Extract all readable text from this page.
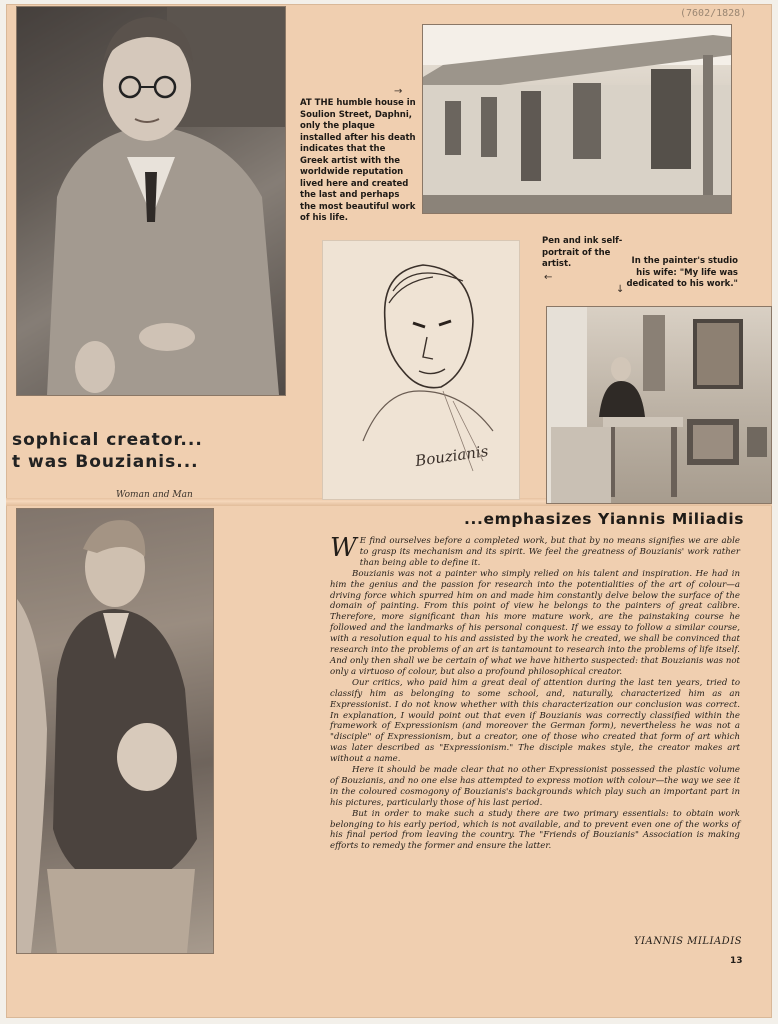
(7602/1828)

AT THE humble house in Soulion Street, Daphni, only the plaque installed after his death indicates that the Greek artist with the worldwide reputation lived here and created the last and perhaps the most beautiful work of his life.

→
Bouzianis

Pen and ink self-portrait of the artist.

←

In the painter's studio his wife: "My life was dedicated to his work."

↓
sophical creator...
t was Bouzianis...
Woman and Man
...emphasizes Yiannis Miliadis

W E find ourselves before a completed work, but that by no means signifies we are able to grasp its mechanism and its spirit. We feel the greatness of Bouzianis' work rather than being able to define it.

Bouzianis was not a painter who simply relied on his talent and inspiration. He had in him the genius and the passion for research into the potentialities of the art of colour—a driving force which spurred him on and made him constantly delve below the surface of the domain of painting. From this point of view he belongs to the painters of great calibre. Therefore, more significant than his more mature work, are the painstaking course he followed and the landmarks of his personal conquest. If we essay to follow a similar course, with a resolution equal to his and assisted by the work he created, we shall be convinced that research into the problems of an art is tantamount to research into the problems of life itself. And only then shall we be certain of what we have hitherto suspected: that Bouzianis was not only a virtuoso of colour, but also a profound philosophical creator.

Our critics, who paid him a great deal of attention during the last ten years, tried to classify him as belonging to some school, and, naturally, characterized him as an Expressionist. I do not know whether with this characterization our conclusion was correct. In explanation, I would point out that even if Bouzianis was correctly classified within the framework of Expressionism (and moreover the German form), nevertheless he was not a "disciple" of Expressionism, but a creator, one of those who created that form of art which was later described as "Expressionism." The disciple makes style, the creator makes art without a name.

Here it should be made clear that no other Expressionist possessed the plastic volume of Bouzianis, and no one else has attempted to express motion with colour—the way we see it in the coloured cosmogony of Bouzianis's backgrounds which play such an important part in his pictures, particularly those of his last period.

But in order to make such a study there are two primary essentials: to obtain work belonging to his early period, which is not available, and to prevent even one of the works of his final period from leaving the country. The "Friends of Bouzianis" Association is making efforts to remedy the former and ensure the latter.

YIANNIS MILIADIS
13
